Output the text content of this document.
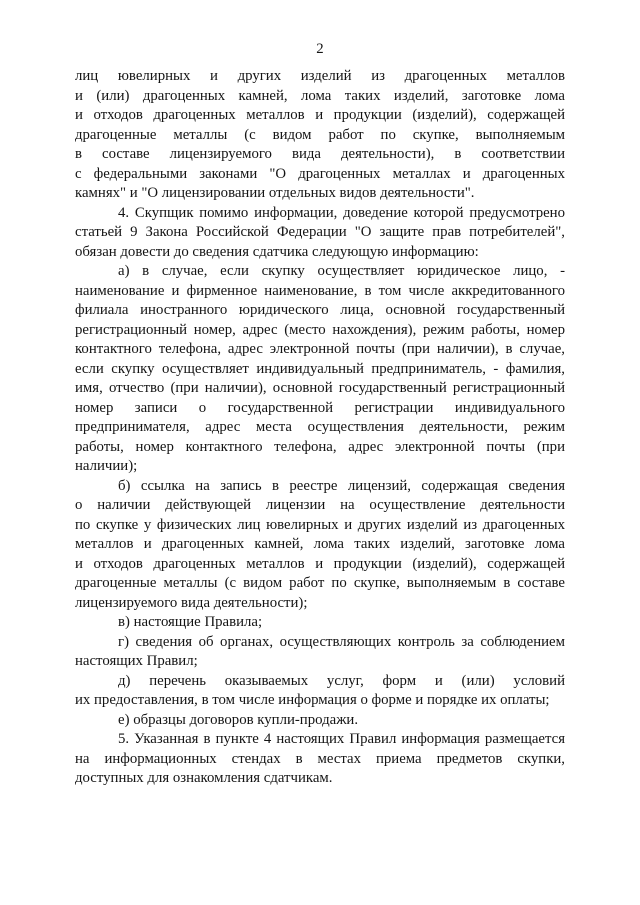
2
лиц ювелирных и других изделий из драгоценных металлов
и (или) драгоценных камней, лома таких изделий, заготовке лома
и отходов драгоценных металлов и продукции (изделий), содержащей
драгоценные металлы (с видом работ по скупке, выполняемым
в составе лицензируемого вида деятельности), в соответствии
с федеральными законами "О драгоценных металлах и драгоценных
камнях" и "О лицензировании отдельных видов деятельности".
4. Скупщик помимо информации, доведение которой предусмотрено
статьей 9 Закона Российской Федерации "О защите прав потребителей",
обязан довести до сведения сдатчика следующую информацию:
а) в случае, если скупку осуществляет юридическое лицо, -
наименование и фирменное наименование, в том числе аккредитованного
филиала иностранного юридического лица, основной государственный
регистрационный номер, адрес (место нахождения), режим работы, номер
контактного телефона, адрес электронной почты (при наличии), в случае,
если скупку осуществляет индивидуальный предприниматель, - фамилия,
имя, отчество (при наличии), основной государственный регистрационный
номер записи о государственной регистрации индивидуального
предпринимателя, адрес места осуществления деятельности, режим
работы, номер контактного телефона, адрес электронной почты (при
наличии);
б) ссылка на запись в реестре лицензий, содержащая сведения
о наличии действующей лицензии на осуществление деятельности
по скупке у физических лиц ювелирных и других изделий из драгоценных
металлов и драгоценных камней, лома таких изделий, заготовке лома
и отходов драгоценных металлов и продукции (изделий), содержащей
драгоценные металлы (с видом работ по скупке, выполняемым в составе
лицензируемого вида деятельности);
в) настоящие Правила;
г) сведения об органах, осуществляющих контроль за соблюдением
настоящих Правил;
д) перечень оказываемых услуг, форм и (или) условий
их предоставления, в том числе информация о форме и порядке их оплаты;
е) образцы договоров купли-продажи.
5. Указанная в пункте 4 настоящих Правил информация размещается
на информационных стендах в местах приема предметов скупки,
доступных для ознакомления сдатчикам.
